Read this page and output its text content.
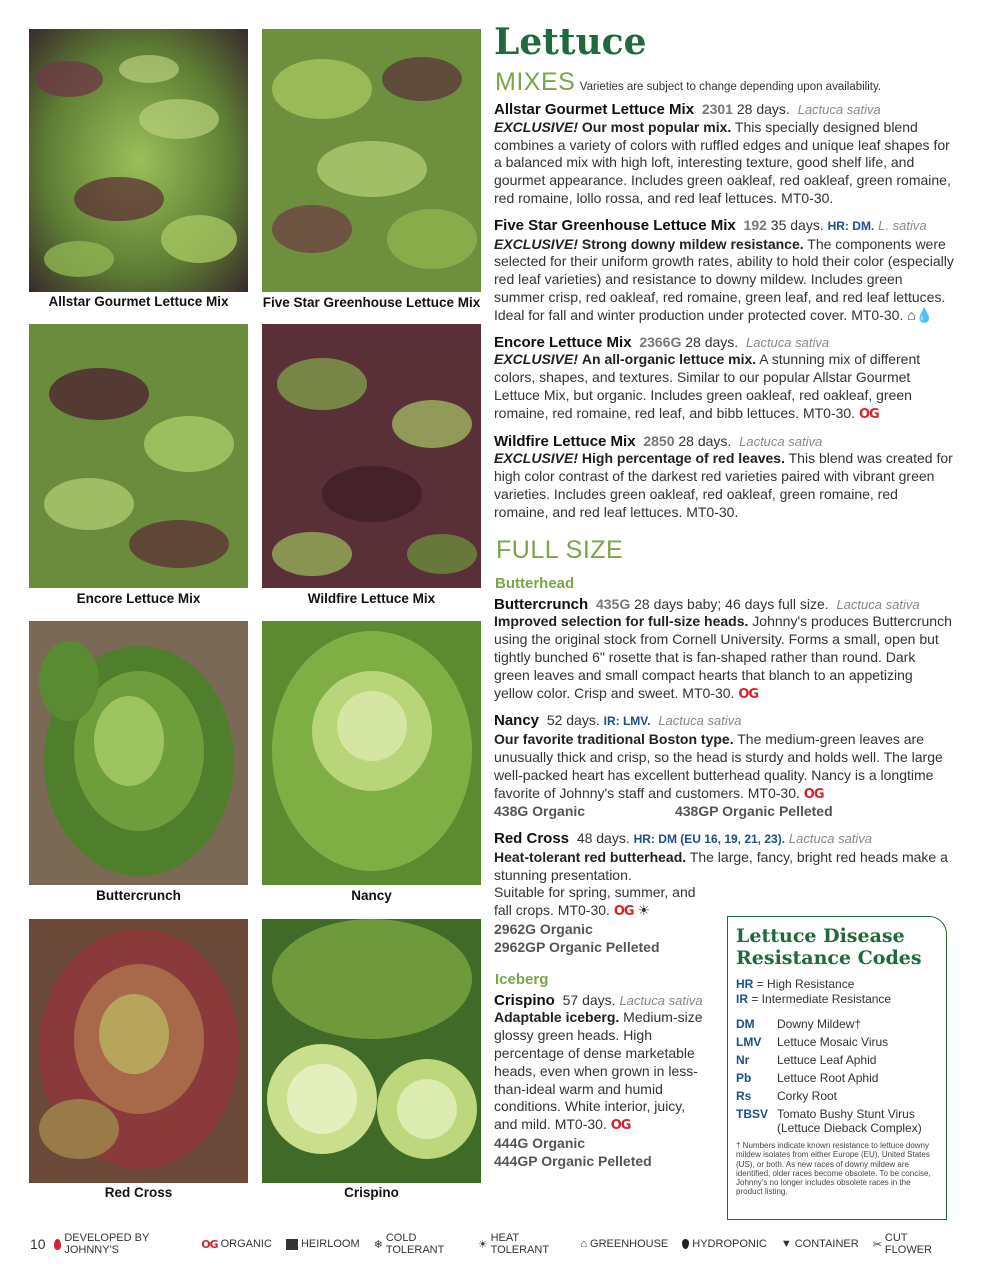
Allstar Gourmet Lettuce Mix	Five Star Greenhouse Lettuce Mix
Encore Lettuce Mix	Wildfire Lettuce Mix
Buttercrunch	Nancy
Red Cross	Crispino
Lettuce
MIXES Varieties are subject to change depending upon availability.

Allstar Gourmet Lettuce Mix 2301 28 days. Lactuca sativa
EXCLUSIVE! Our most popular mix. This specially designed blend combines a variety of colors with ruffled edges and unique leaf shapes for a balanced mix with high loft, interesting texture, good shelf life, and gourmet appearance. Includes green oakleaf, red oakleaf, green romaine, red romaine, lollo rossa, and red leaf lettuces. MT0-30.

Five Star Greenhouse Lettuce Mix 192 35 days. HR: DM. L. sativa
EXCLUSIVE! Strong downy mildew resistance. The components were selected for their uniform growth rates, ability to hold their color (especially red leaf varieties) and resistance to downy mildew. Includes green summer crisp, red oakleaf, red romaine, green leaf, and red leaf lettuces. Ideal for fall and winter production under protected cover. MT0-30. ⌂💧

Encore Lettuce Mix 2366G 28 days. Lactuca sativa
EXCLUSIVE! An all-organic lettuce mix. A stunning mix of different colors, shapes, and textures. Similar to our popular Allstar Gourmet Lettuce Mix, but organic. Includes green oakleaf, red oakleaf, green romaine, red romaine, red leaf, and bibb lettuces. MT0-30. OG

Wildfire Lettuce Mix 2850 28 days. Lactuca sativa
EXCLUSIVE! High percentage of red leaves. This blend was created for high color contrast of the darkest red varieties paired with vibrant green varieties. Includes green oakleaf, red oakleaf, green romaine, red romaine, and red leaf lettuces. MT0-30.

FULL SIZE
Butterhead

Buttercrunch 435G 28 days baby; 46 days full size. Lactuca sativa
Improved selection for full-size heads. Johnny's produces Buttercrunch using the original stock from Cornell University. Forms a small, open but tightly bunched 6" rosette that is fan-shaped rather than round. Dark green leaves and small compact hearts that blanch to an appetizing yellow color. Crisp and sweet. MT0-30. OG

Nancy 52 days. IR: LMV. Lactuca sativa
Our favorite traditional Boston type. The medium-green leaves are unusually thick and crisp, so the head is sturdy and holds well. The large well-packed heart has excellent butterhead quality. Nancy is a longtime favorite of Johnny's staff and customers. MT0-30. OG
438G Organic	438GP Organic Pelleted

Red Cross 48 days. HR: DM (EU 16, 19, 21, 23). Lactuca sativa
Heat-tolerant red butterhead. The large, fancy, bright red heads make a stunning presentation.
Suitable for spring, summer, and fall crops. MT0-30. OG ☀
2962G Organic
2962GP Organic Pelleted
Iceberg
Crispino 57 days. Lactuca sativa
Adaptable iceberg. Medium-size glossy green heads. High percentage of dense marketable heads, even when grown in less-than-ideal warm and humid conditions. White interior, juicy, and mild. MT0-30. OG
444G Organic
444GP Organic Pelleted
Lettuce Disease Resistance Codes
HR = High Resistance
IR = Intermediate Resistance
DM	Downy Mildew†
LMV	Lettuce Mosaic Virus
Nr	Lettuce Leaf Aphid
Pb	Lettuce Root Aphid
Rs	Corky Root
TBSV Tomato Bushy Stunt Virus (Lettuce Dieback Complex)
† Numbers indicate known resistance to lettuce downy mildew isolates from either Europe (EU), United States (US), or both. As new races of downy mildew are identified, older races become obsolete. To be concise, Johnny's no longer includes obsolete races in the product listing.
10 DEVELOPED BY JOHNNY'S	OG ORGANIC	HEIRLOOM ❄
COLD TOLERANT	☀
HEAT TOLERANT	⌂ GREENHOUSE HYDROPONIC ▼ CONTAINER ✂
CUT FLOWER
